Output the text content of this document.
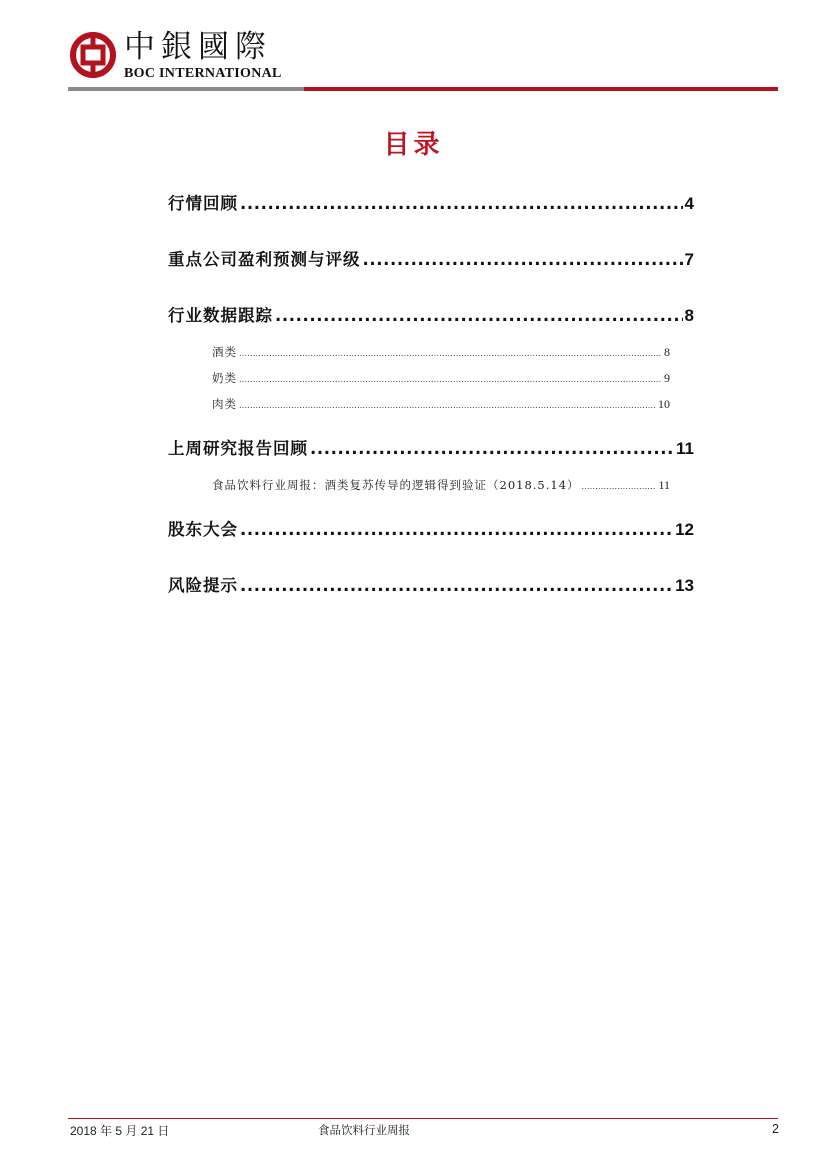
中銀國際
BOC INTERNATIONAL
目录
行情回顾 .....	4
重点公司盈利预测与评级 .....	7
行业数据跟踪 .....	8
酒类 .....	8
奶类 .....	9
肉类 .....	10
上周研究报告回顾 .....	11
食品饮料行业周报：酒类复苏传导的逻辑得到验证（2018.5.14） .....	11
股东大会 .....	12
风险提示 .....	13
2018 年 5 月 21 日	食品饮料行业周报	2
